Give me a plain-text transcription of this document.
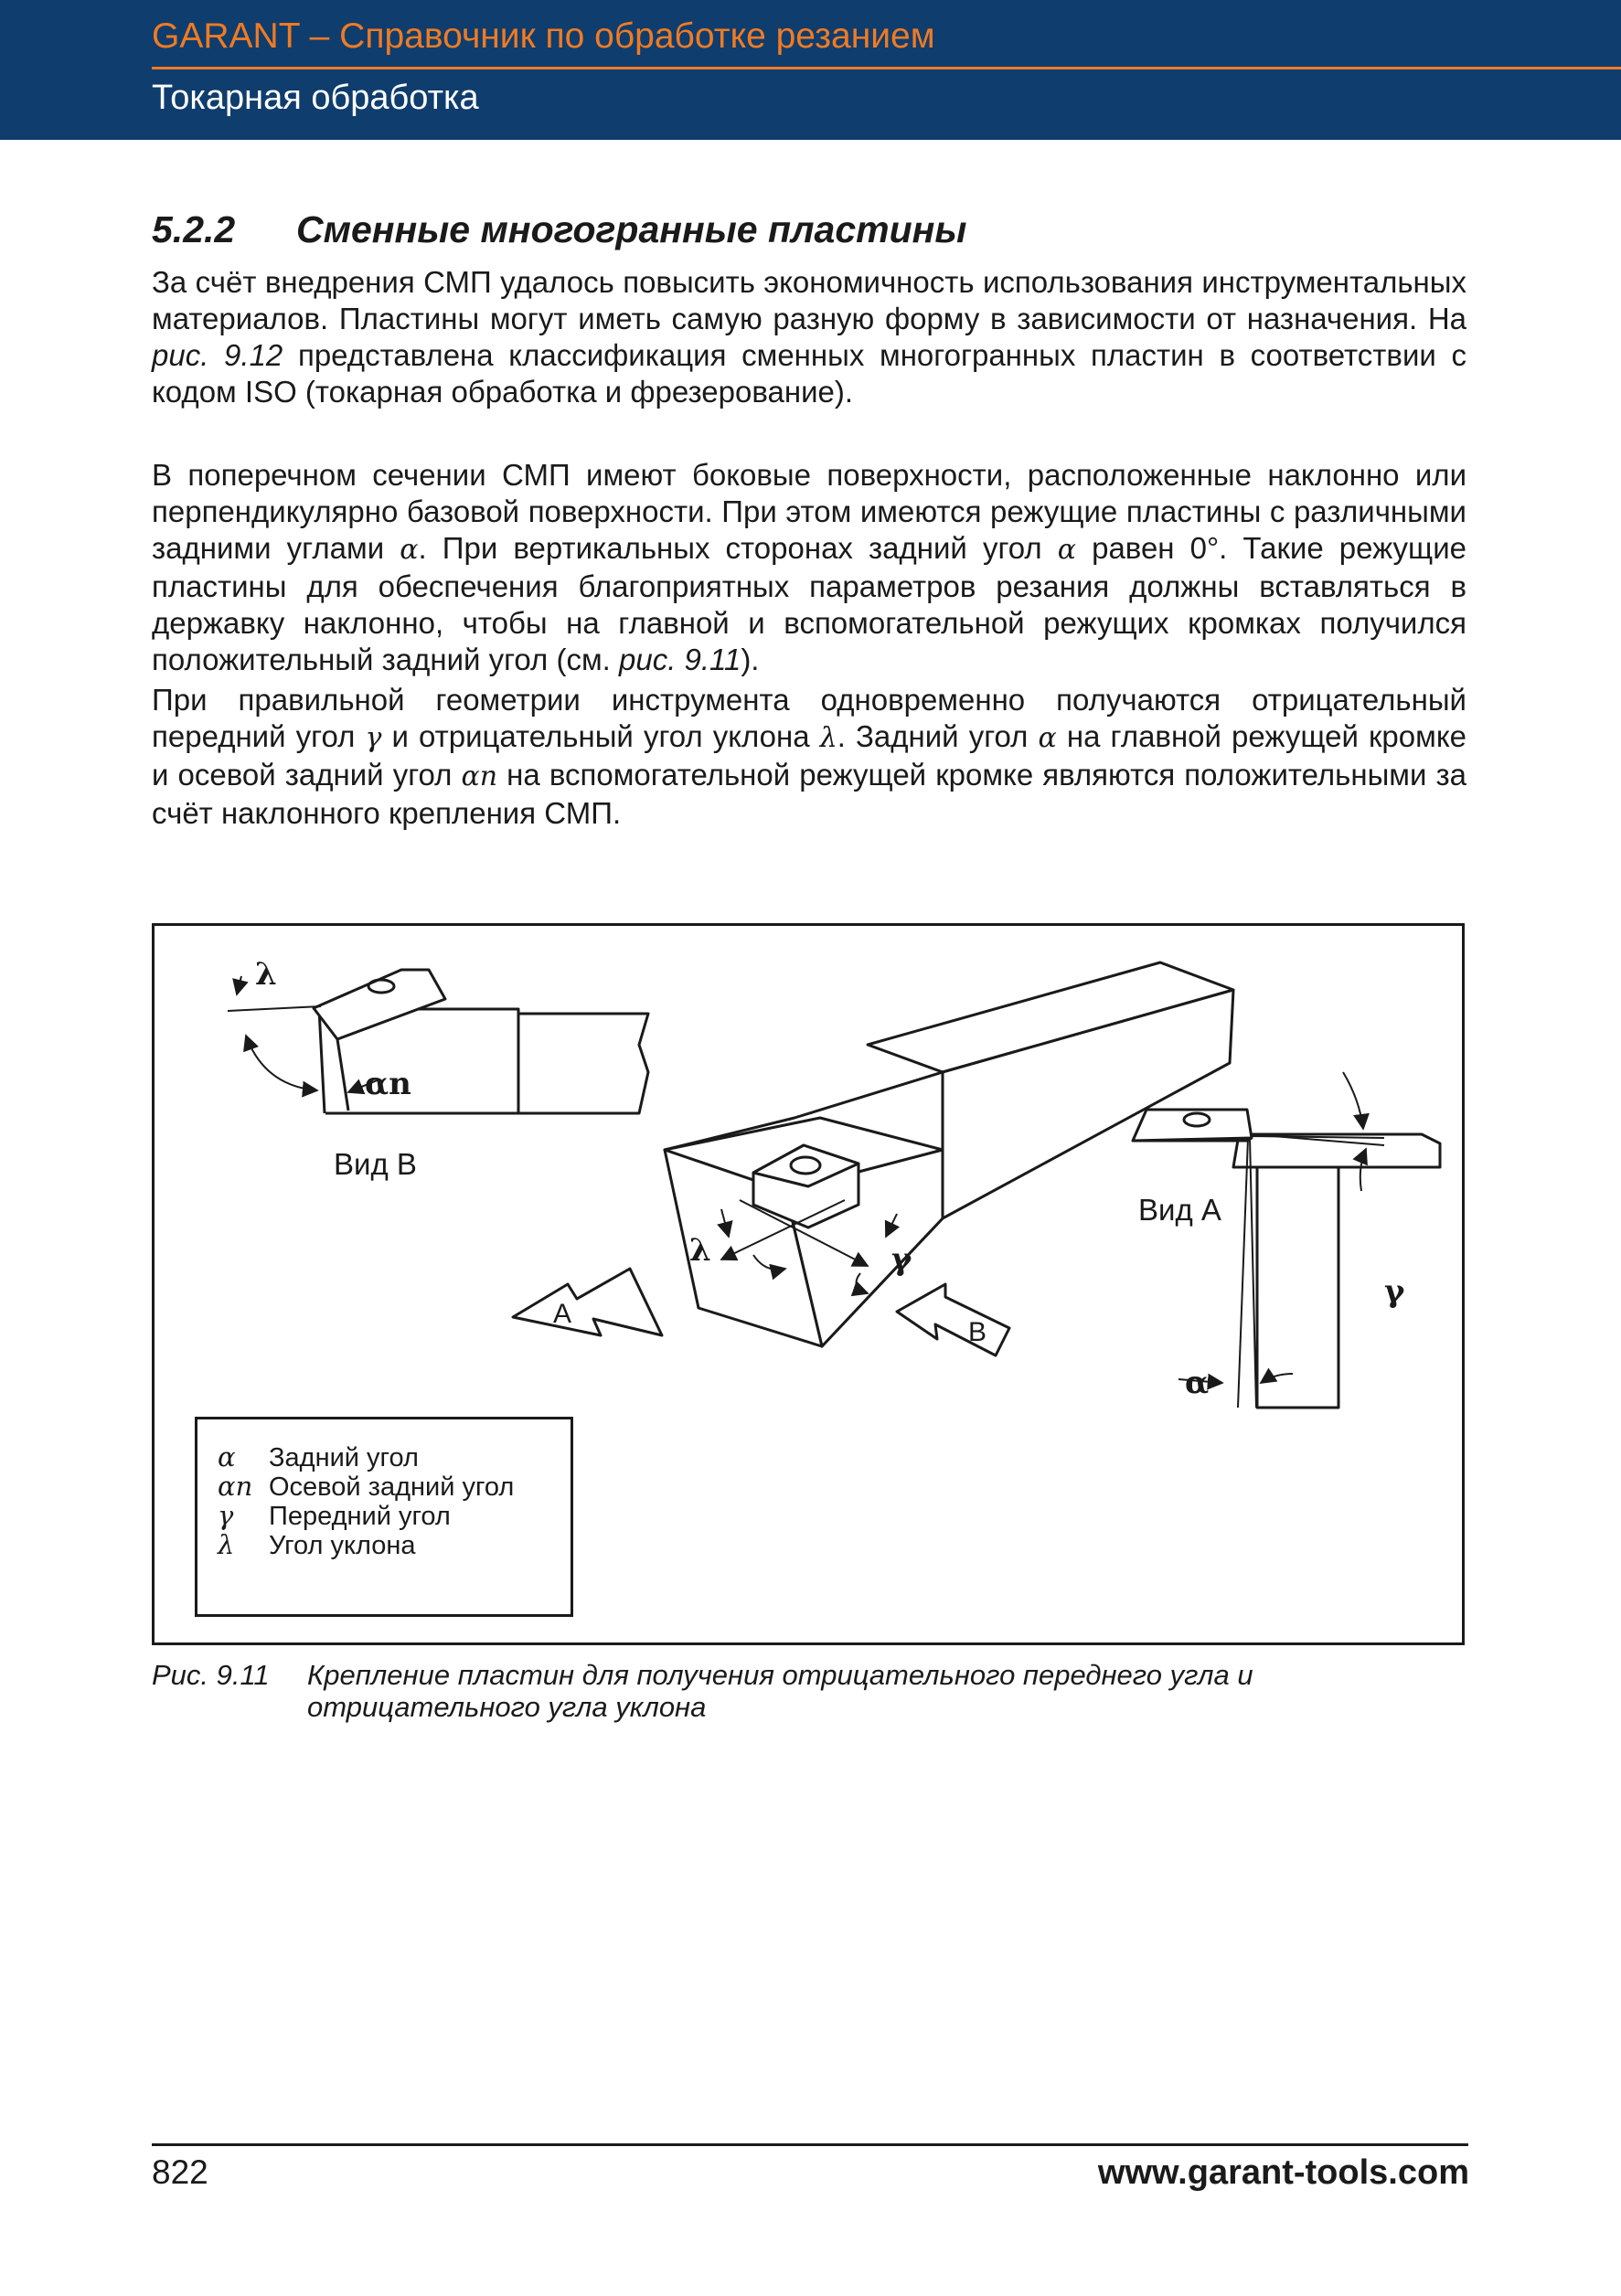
GARANT – Справочник по обработке резанием
Токарная обработка
5.2.2 Сменные многогранные пластины
За счёт внедрения СМП удалось повысить экономичность использования инструментальных материалов. Пластины могут иметь самую разную форму в зависимости от назначения. На рис. 9.12 представлена классификация сменных многогранных пластин в соответствии с кодом ISO (токарная обработка и фрезерование).
В поперечном сечении СМП имеют боковые поверхности, расположенные наклонно или перпендикулярно базовой поверхности. При этом имеются режущие пластины с различными задними углами α. При вертикальных сторонах задний угол α равен 0°. Такие режущие пластины для обеспечения благоприятных параметров резания должны вставляться в державку наклонно, чтобы на главной и вспомогательной режущих кромках получился положительный задний угол (см. рис. 9.11).
При правильной геометрии инструмента одновременно получаются отрицательный передний угол γ и отрицательный угол уклона λ. Задний угол α на главной режущей кромке и осевой задний угол αn на вспомогательной режущей кромке являются положительными за счёт наклонного крепления СМП.
λ
αn
Вид B
Вид A
λ	γ
A
B
γ
α
α Задний угол
αn Осевой задний угол
γ Передний угол
λ Угол уклона
Рис. 9.11	Крепление пластин для получения отрицательного переднего угла и отрицательного угла уклона
822	www.garant-tools.com
